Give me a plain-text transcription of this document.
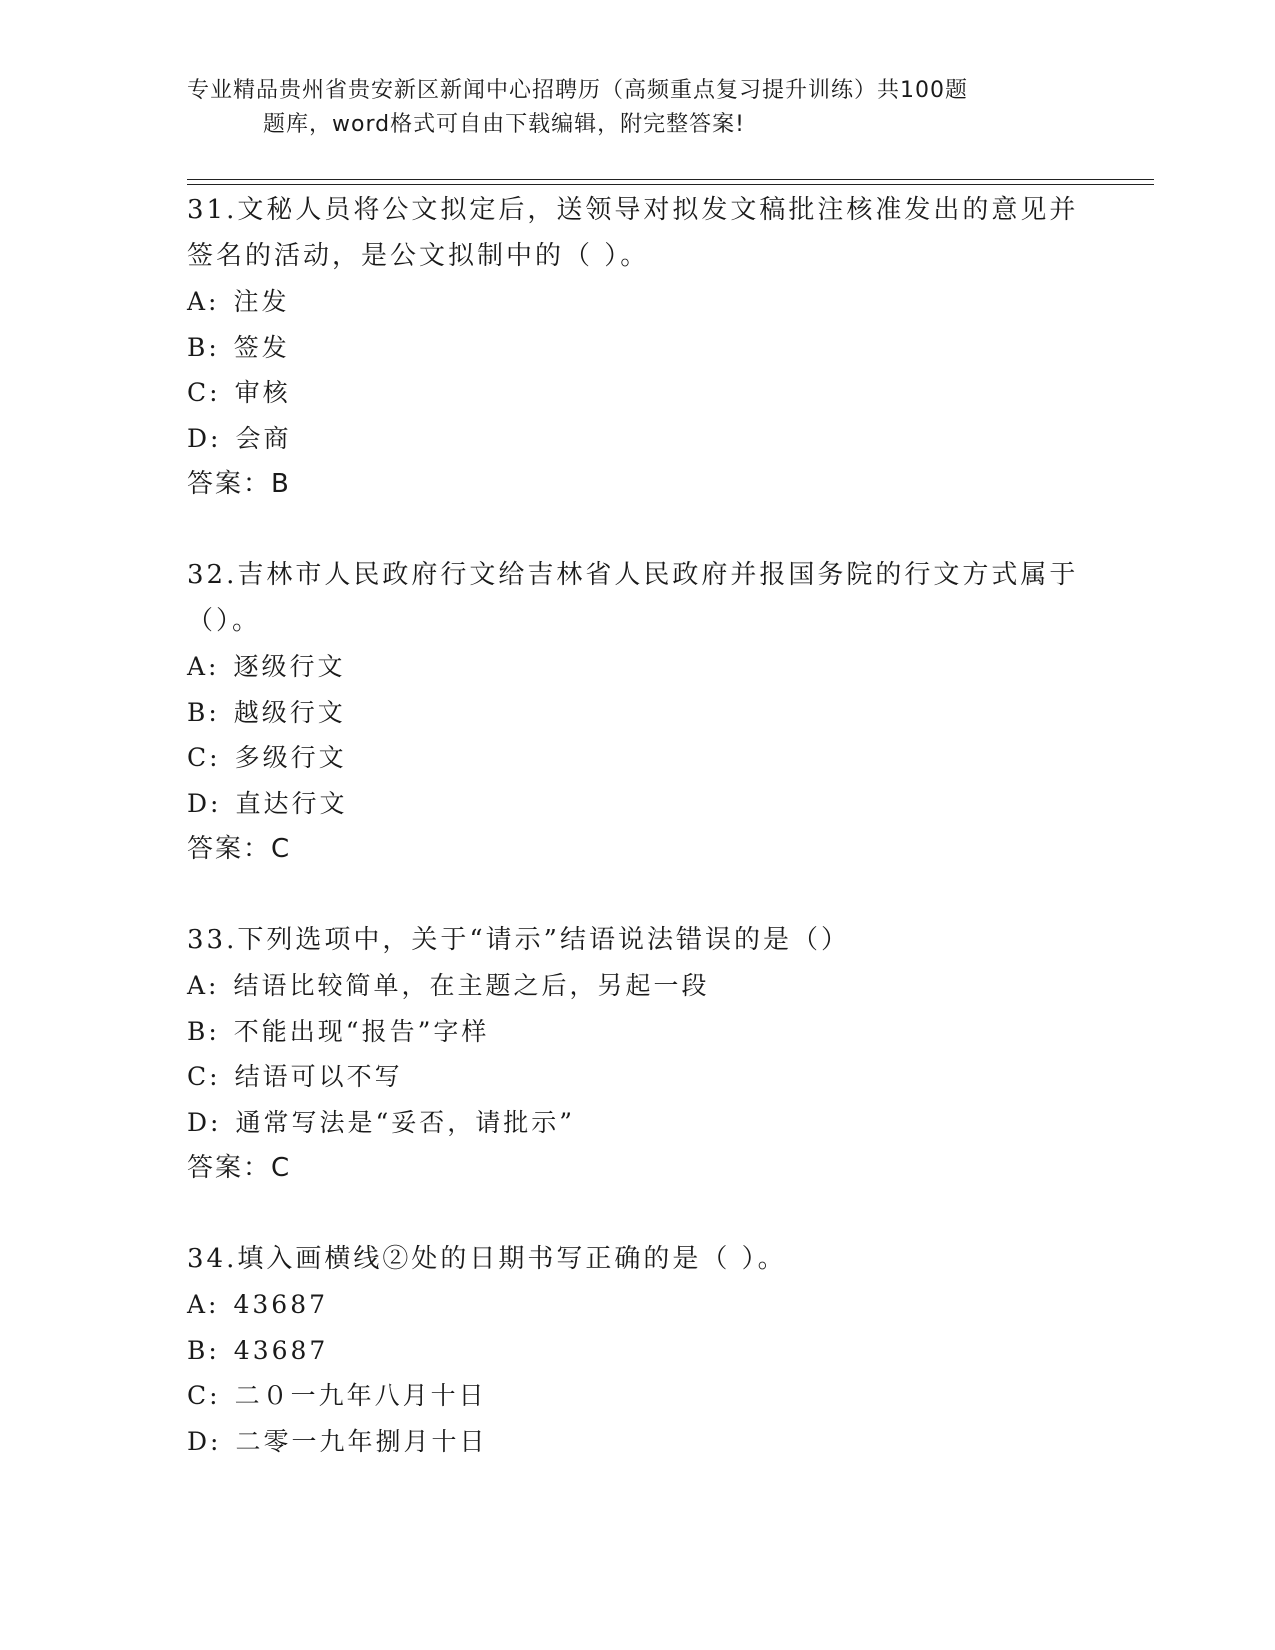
专业精品贵州省贵安新区新闻中心招聘历（高频重点复习提升训练）共100题
题库，word格式可自由下载编辑，附完整答案!
31.文秘人员将公文拟定后，送领导对拟发文稿批注核准发出的意见并
签名的活动，是公文拟制中的（ ）。
A: 注发
B: 签发
C: 审核
D: 会商
答案：B
32.吉林市人民政府行文给吉林省人民政府并报国务院的行文方式属于
（）。
A: 逐级行文
B: 越级行文
C: 多级行文
D: 直达行文
答案：C
33.下列选项中，关于“请示”结语说法错误的是（）
A: 结语比较简单，在主题之后，另起一段
B: 不能出现“报告”字样
C: 结语可以不写
D: 通常写法是“妥否，请批示”
答案：C
34.填入画横线②处的日期书写正确的是（ ）。
A: 43687
B: 43687
C: 二０一九年八月十日
D: 二零一九年捌月十日
